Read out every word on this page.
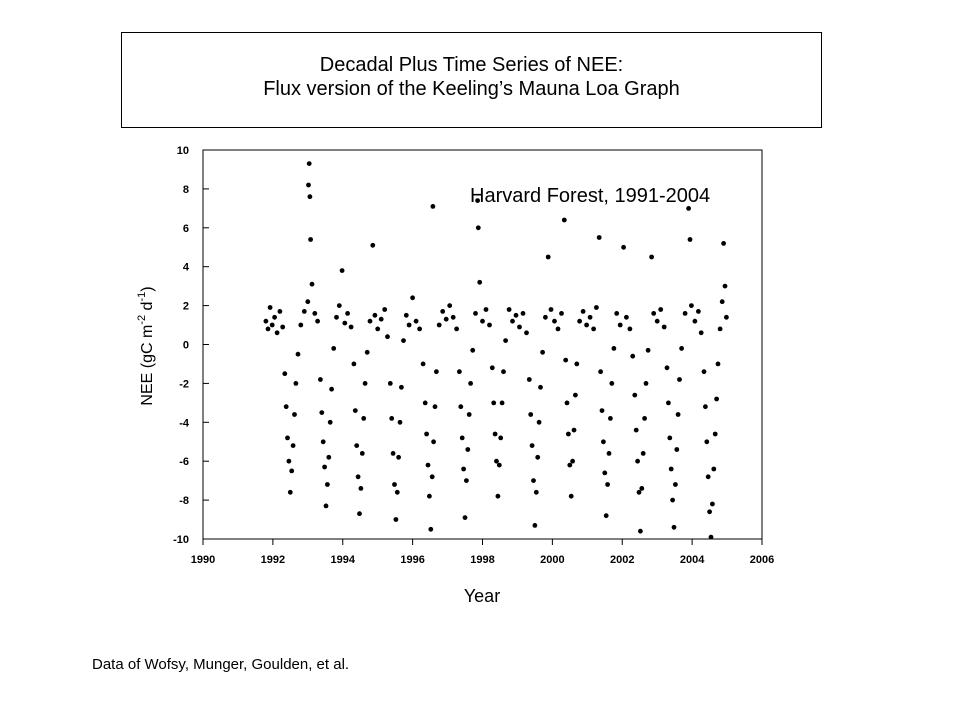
Decadal Plus Time Series of NEE:
Flux version of the Keeling’s Mauna Loa Graph
-10
-8
-6
-4
-2
0
2
4
6
8
10
1990	1992	1994	1996	1998	2000	2002	2004	2006
Harvard Forest, 1991-2004
Year
NEE (gC $m^{-2}$ $d^{-1}$)
Data of Wofsy, Munger, Goulden, et al.
